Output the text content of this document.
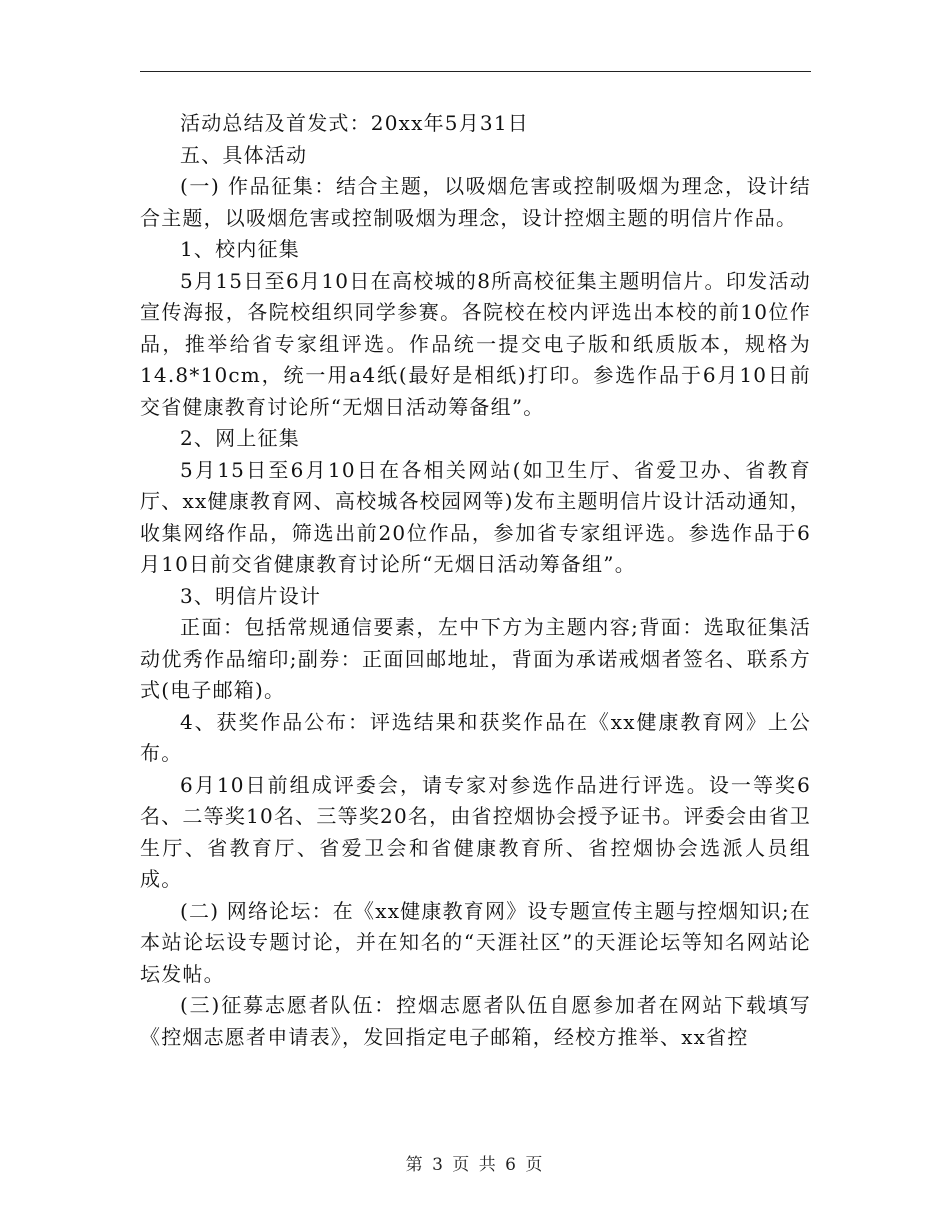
活动总结及首发式：20xx年5月31日

五、具体活动

(一) 作品征集：结合主题，以吸烟危害或控制吸烟为理念，设计结合主题，以吸烟危害或控制吸烟为理念，设计控烟主题的明信片作品。

1、校内征集

5月15日至6月10日在高校城的8所高校征集主题明信片。印发活动宣传海报，各院校组织同学参赛。各院校在校内评选出本校的前10位作品，推举给省专家组评选。作品统一提交电子版和纸质版本，规格为14.8*10cm，统一用a4纸(最好是相纸)打印。参选作品于6月10日前交省健康教育讨论所“无烟日活动筹备组”。

2、网上征集

5月15日至6月10日在各相关网站(如卫生厅、省爱卫办、省教育厅、xx健康教育网、高校城各校园网等)发布主题明信片设计活动通知，收集网络作品，筛选出前20位作品，参加省专家组评选。参选作品于6月10日前交省健康教育讨论所“无烟日活动筹备组”。

3、明信片设计

正面：包括常规通信要素，左中下方为主题内容;背面：选取征集活动优秀作品缩印;副券：正面回邮地址，背面为承诺戒烟者签名、联系方式(电子邮箱)。

4、获奖作品公布：评选结果和获奖作品在《xx健康教育网》上公布。

6月10日前组成评委会，请专家对参选作品进行评选。设一等奖6名、二等奖10名、三等奖20名，由省控烟协会授予证书。评委会由省卫生厅、省教育厅、省爱卫会和省健康教育所、省控烟协会选派人员组成。

(二) 网络论坛：在《xx健康教育网》设专题宣传主题与控烟知识;在本站论坛设专题讨论，并在知名的“天涯社区”的天涯论坛等知名网站论坛发帖。

(三)征募志愿者队伍：控烟志愿者队伍自愿参加者在网站下载填写《控烟志愿者申请表》，发回指定电子邮箱，经校方推举、xx省控

第 3 页 共 6 页
